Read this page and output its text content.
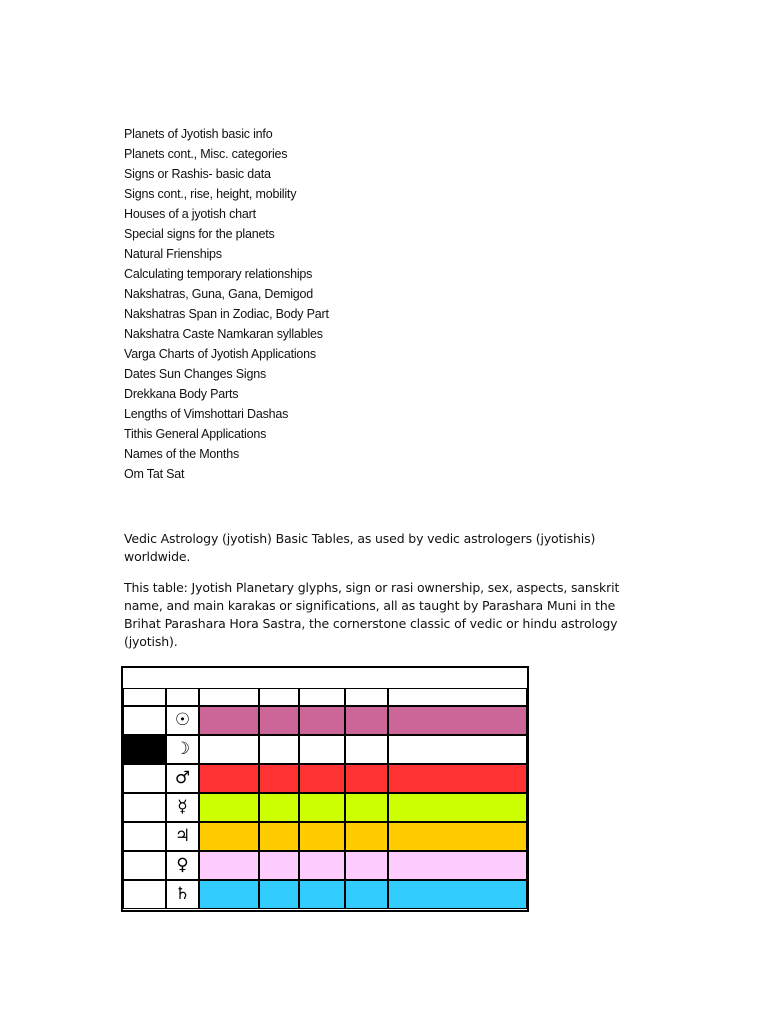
Planets of Jyotish basic info
Planets cont., Misc. categories
Signs or Rashis- basic data
Signs cont., rise, height, mobility
Houses of a jyotish chart
Special signs for the planets
Natural Frienships
Calculating temporary relationships
Nakshatras, Guna, Gana, Demigod
Nakshatras Span in Zodiac, Body Part
Nakshatra Caste Namkaran syllables
Varga Charts of Jyotish Applications
Dates Sun Changes Signs
Drekkana Body Parts
Lengths of Vimshottari Dashas
Tithis General Applications
Names of the Months
Om Tat Sat

Vedic Astrology (jyotish) Basic Tables, as used by vedic astrologers (jyotishis) worldwide.

This table: Jyotish Planetary glyphs, sign or rasi ownership, sex, aspects, sanskrit name, and main karakas or significations, all as taught by Parashara Muni in the Brihat Parashara Hora Sastra, the cornerstone classic of vedic or hindu astrology (jyotish).

☉
☽
♂
☿
♃
♀
♄
